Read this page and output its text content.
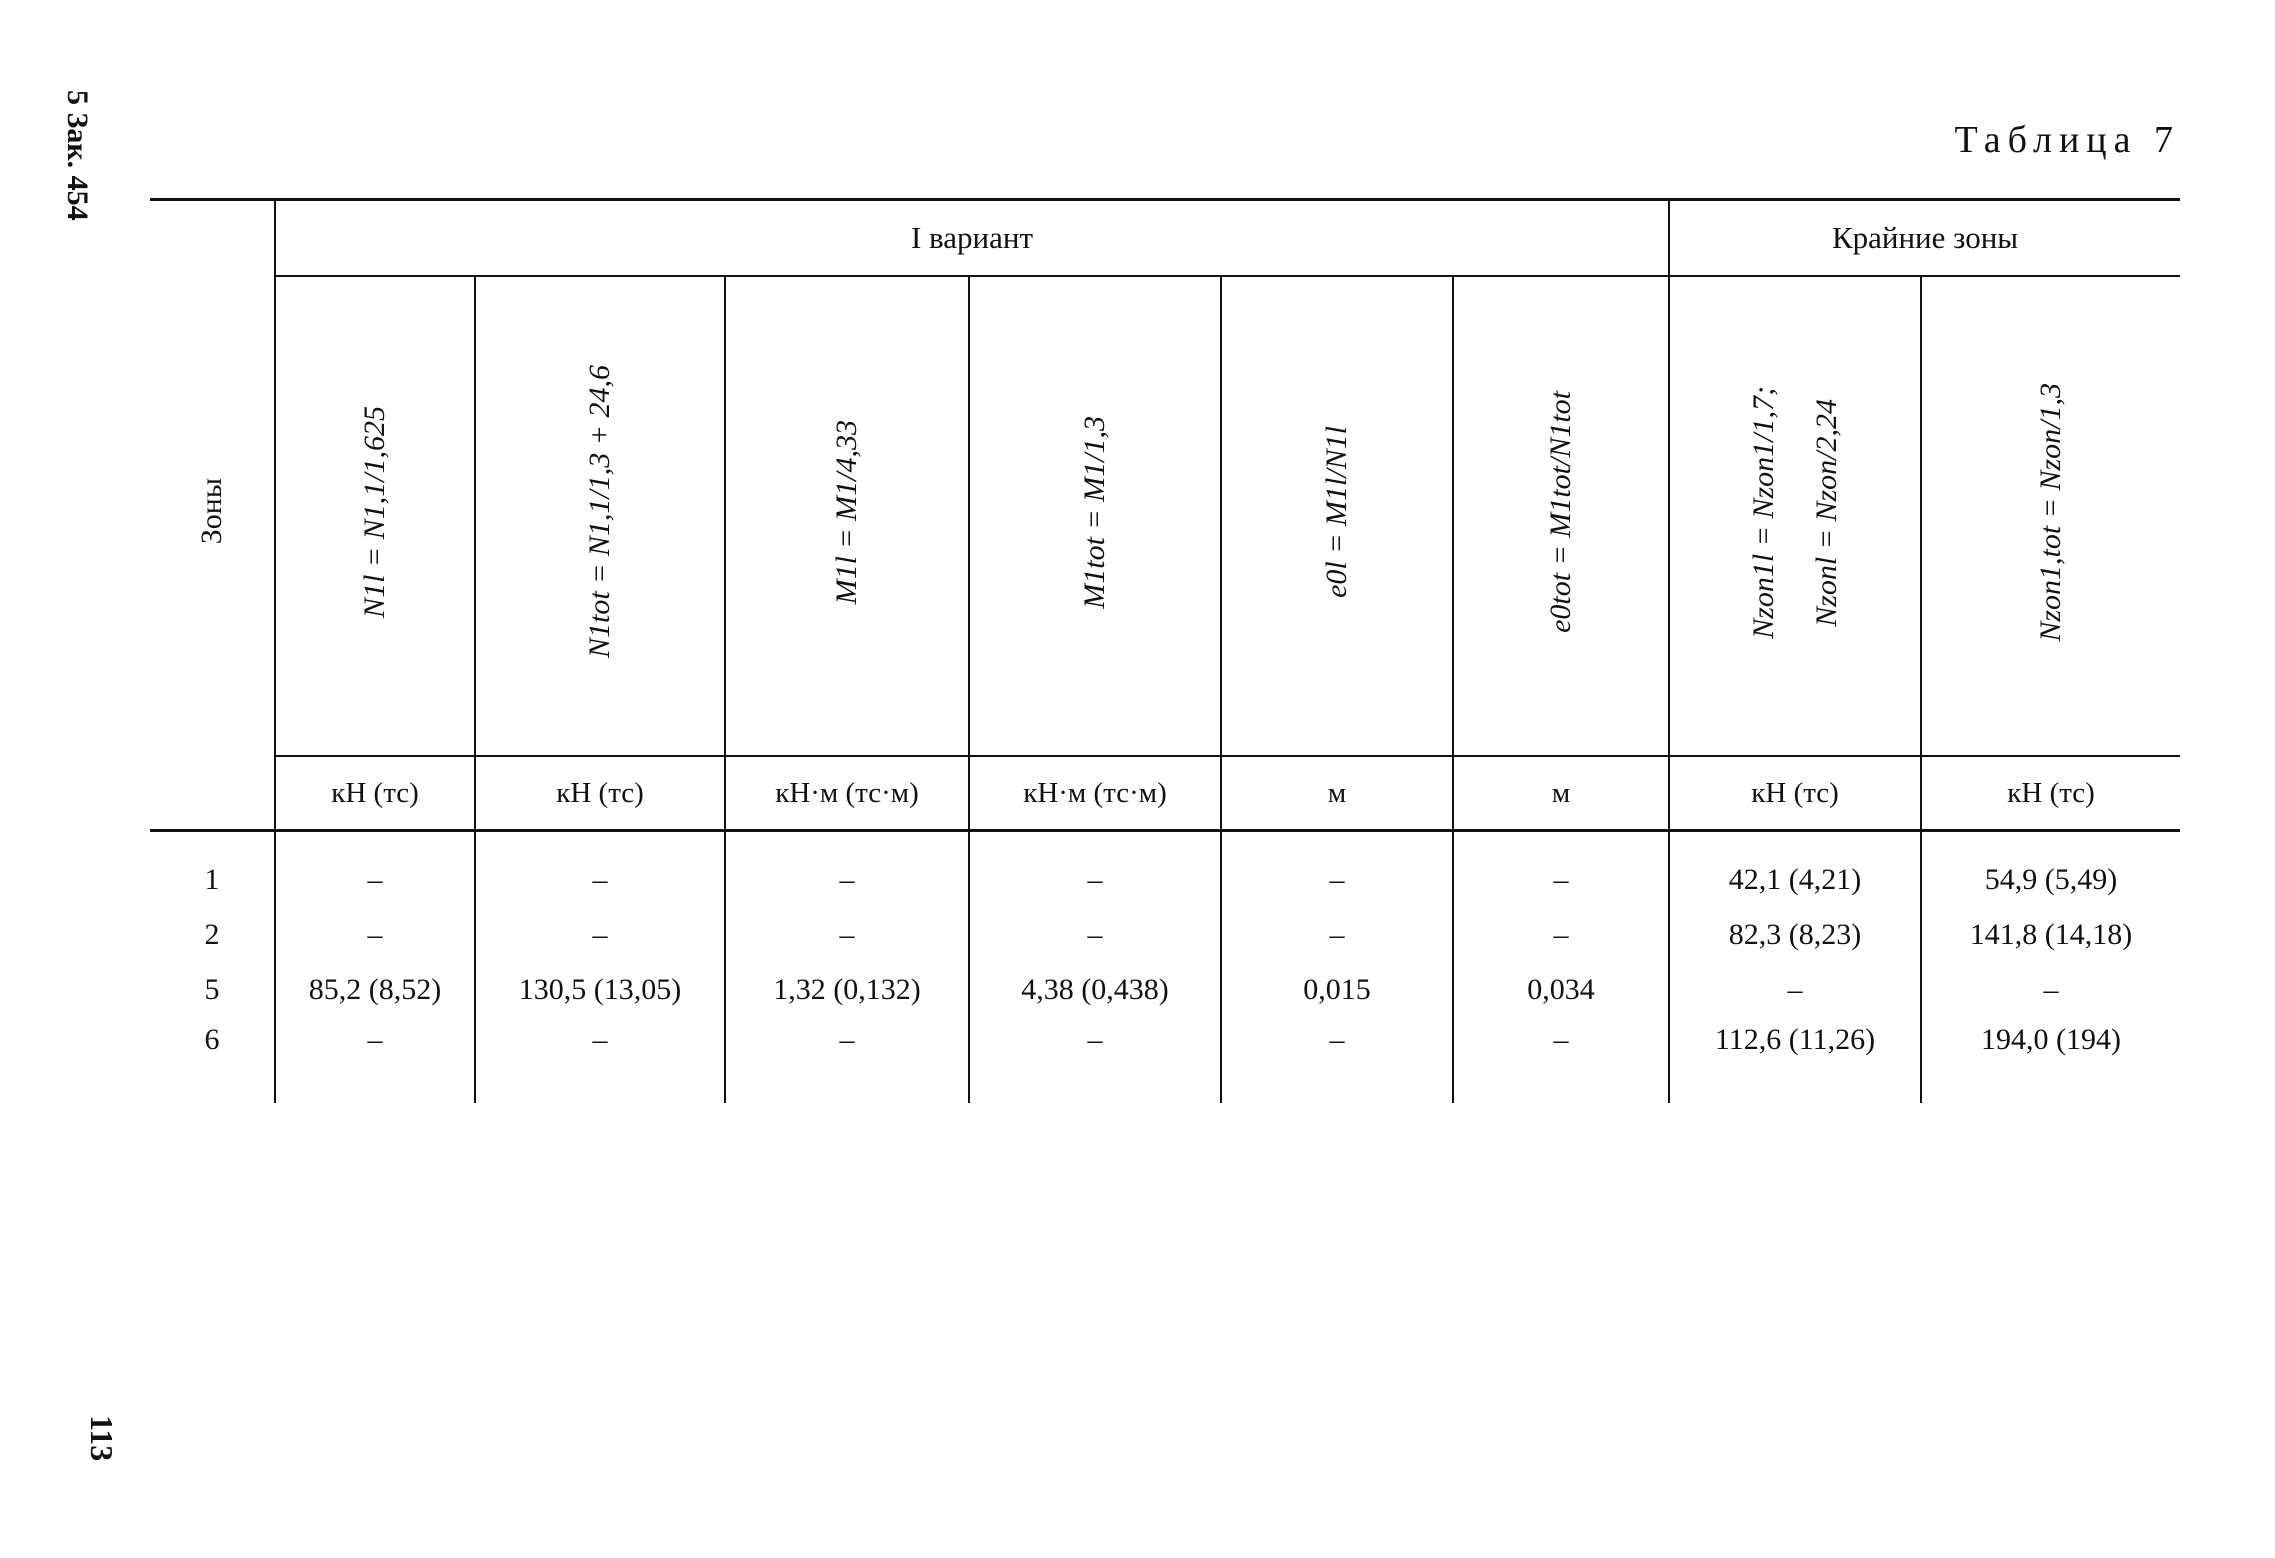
5 Зак. 454
113
Таблица 7
Зоны	I вариант						Крайние зоны	
	N1l = N1,1/1,625	N1tot = N1,1/1,3 + 24,6	M1l = M1/4,33	M1tot = M1/1,3	e0l = M1l/N1l	e0tot = M1tot/N1tot	Nzon1l = Nzon1/1,7; Nzonl = Nzon/2,24	Nzon1,tot = Nzon/1,3
	кН (тс)	кН (тс)	кН·м (тс·м)	кН·м (тс·м)	м	м	кН (тс)	кН (тс)
1	–	–	–	–	–	–	42,1 (4,21)	54,9 (5,49)
2	–	–	–	–	–	–	82,3 (8,23)	141,8 (14,18)
5	85,2 (8,52)	130,5 (13,05)	1,32 (0,132)	4,38 (0,438)	0,015	0,034	–	–
6	–	–	–	–	–	–	112,6 (11,26)	194,0 (194)
